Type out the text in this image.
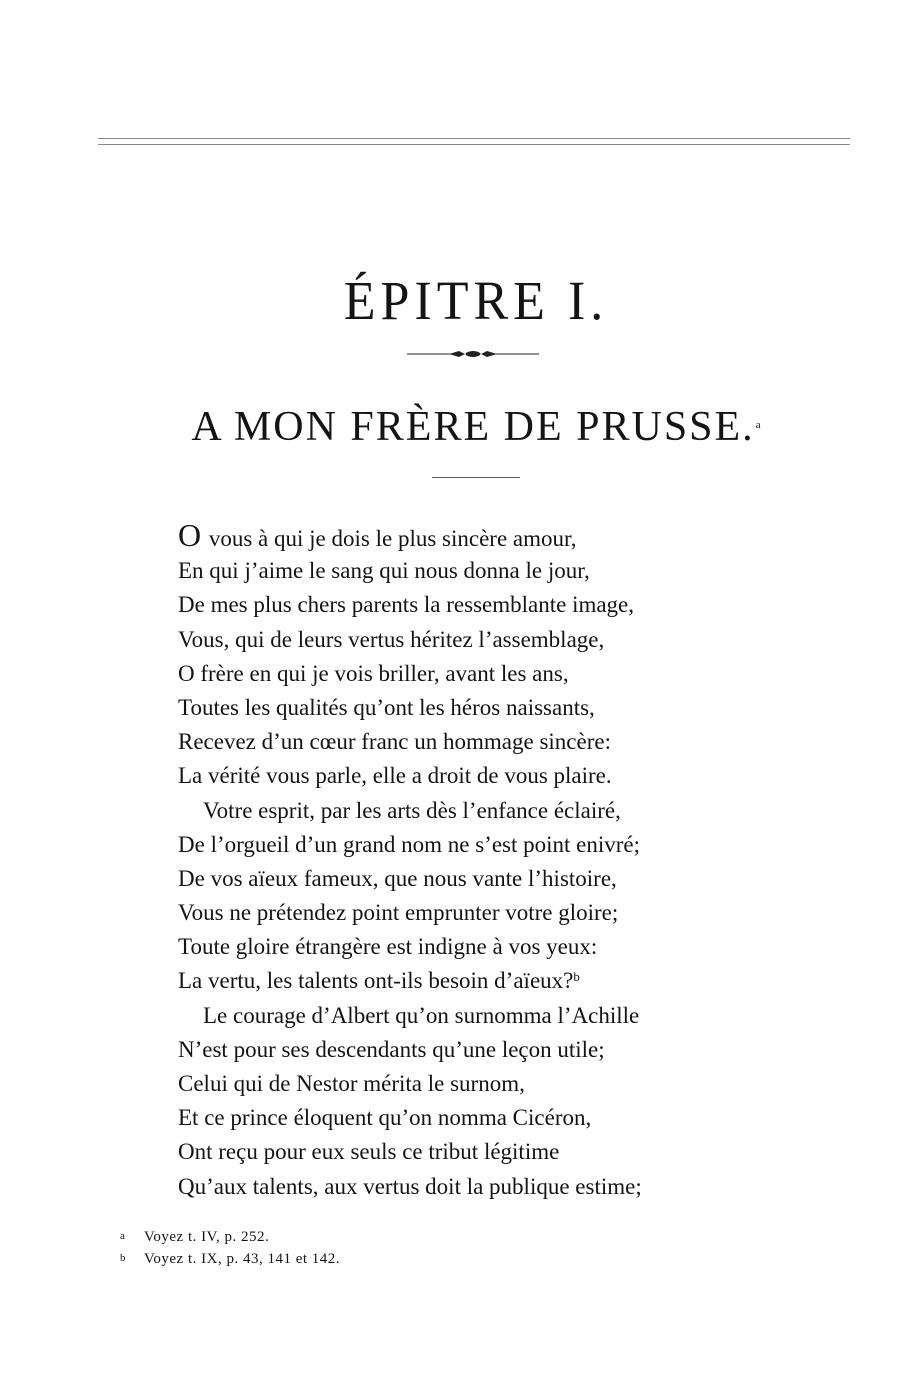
ÉPITRE I.
A MON FRÈRE DE PRUSSE.$^a$
O vous à qui je dois le plus sincère amour,
En qui j’aime le sang qui nous donna le jour,
De mes plus chers parents la ressemblante image,
Vous, qui de leurs vertus héritez l’assemblage,
O frère en qui je vois briller, avant les ans,
Toutes les qualités qu’ont les héros naissants,
Recevez d’un cœur franc un hommage sincère:
La vérité vous parle, elle a droit de vous plaire.
Votre esprit, par les arts dès l’enfance éclairé,
De l’orgueil d’un grand nom ne s’est point enivré;
De vos aïeux fameux, que nous vante l’histoire,
Vous ne prétendez point emprunter votre gloire;
Toute gloire étrangère est indigne à vos yeux:
La vertu, les talents ont-ils besoin d’aïeux?$^b$
Le courage d’Albert qu’on surnomma l’Achille
N’est pour ses descendants qu’une leçon utile;
Celui qui de Nestor mérita le surnom,
Et ce prince éloquent qu’on nomma Cicéron,
Ont reçu pour eux seuls ce tribut légitime
Qu’aux talents, aux vertus doit la publique estime;
a Voyez t. IV, p. 252.
b Voyez t. IX, p. 43, 141 et 142.
